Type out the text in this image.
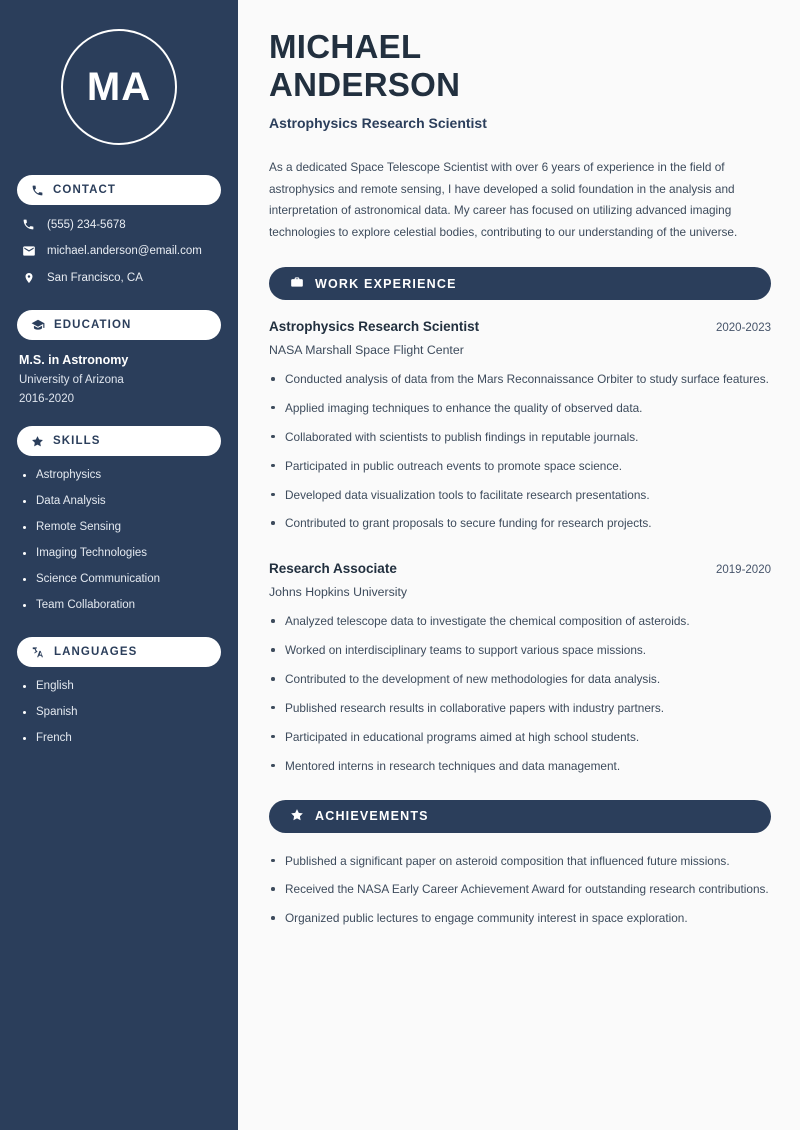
MA
CONTACT
(555) 234-5678
michael.anderson@email.com
San Francisco, CA
EDUCATION
M.S. in Astronomy
University of Arizona
2016-2020
SKILLS
Astrophysics
Data Analysis
Remote Sensing
Imaging Technologies
Science Communication
Team Collaboration
LANGUAGES
English
Spanish
French
MICHAEL
ANDERSON
Astrophysics Research Scientist

As a dedicated Space Telescope Scientist with over 6 years of experience in the field of astrophysics and remote sensing, I have developed a solid foundation in the analysis and interpretation of astronomical data. My career has focused on utilizing advanced imaging technologies to explore celestial bodies, contributing to our understanding of the universe.

WORK EXPERIENCE
Astrophysics Research Scientist	2020-2023
NASA Marshall Space Flight Center
Conducted analysis of data from the Mars Reconnaissance Orbiter to study surface features.
Applied imaging techniques to enhance the quality of observed data.
Collaborated with scientists to publish findings in reputable journals.
Participated in public outreach events to promote space science.
Developed data visualization tools to facilitate research presentations.
Contributed to grant proposals to secure funding for research projects.
Research Associate	2019-2020
Johns Hopkins University
Analyzed telescope data to investigate the chemical composition of asteroids.
Worked on interdisciplinary teams to support various space missions.
Contributed to the development of new methodologies for data analysis.
Published research results in collaborative papers with industry partners.
Participated in educational programs aimed at high school students.
Mentored interns in research techniques and data management.
ACHIEVEMENTS
Published a significant paper on asteroid composition that influenced future missions.
Received the NASA Early Career Achievement Award for outstanding research contributions.
Organized public lectures to engage community interest in space exploration.
